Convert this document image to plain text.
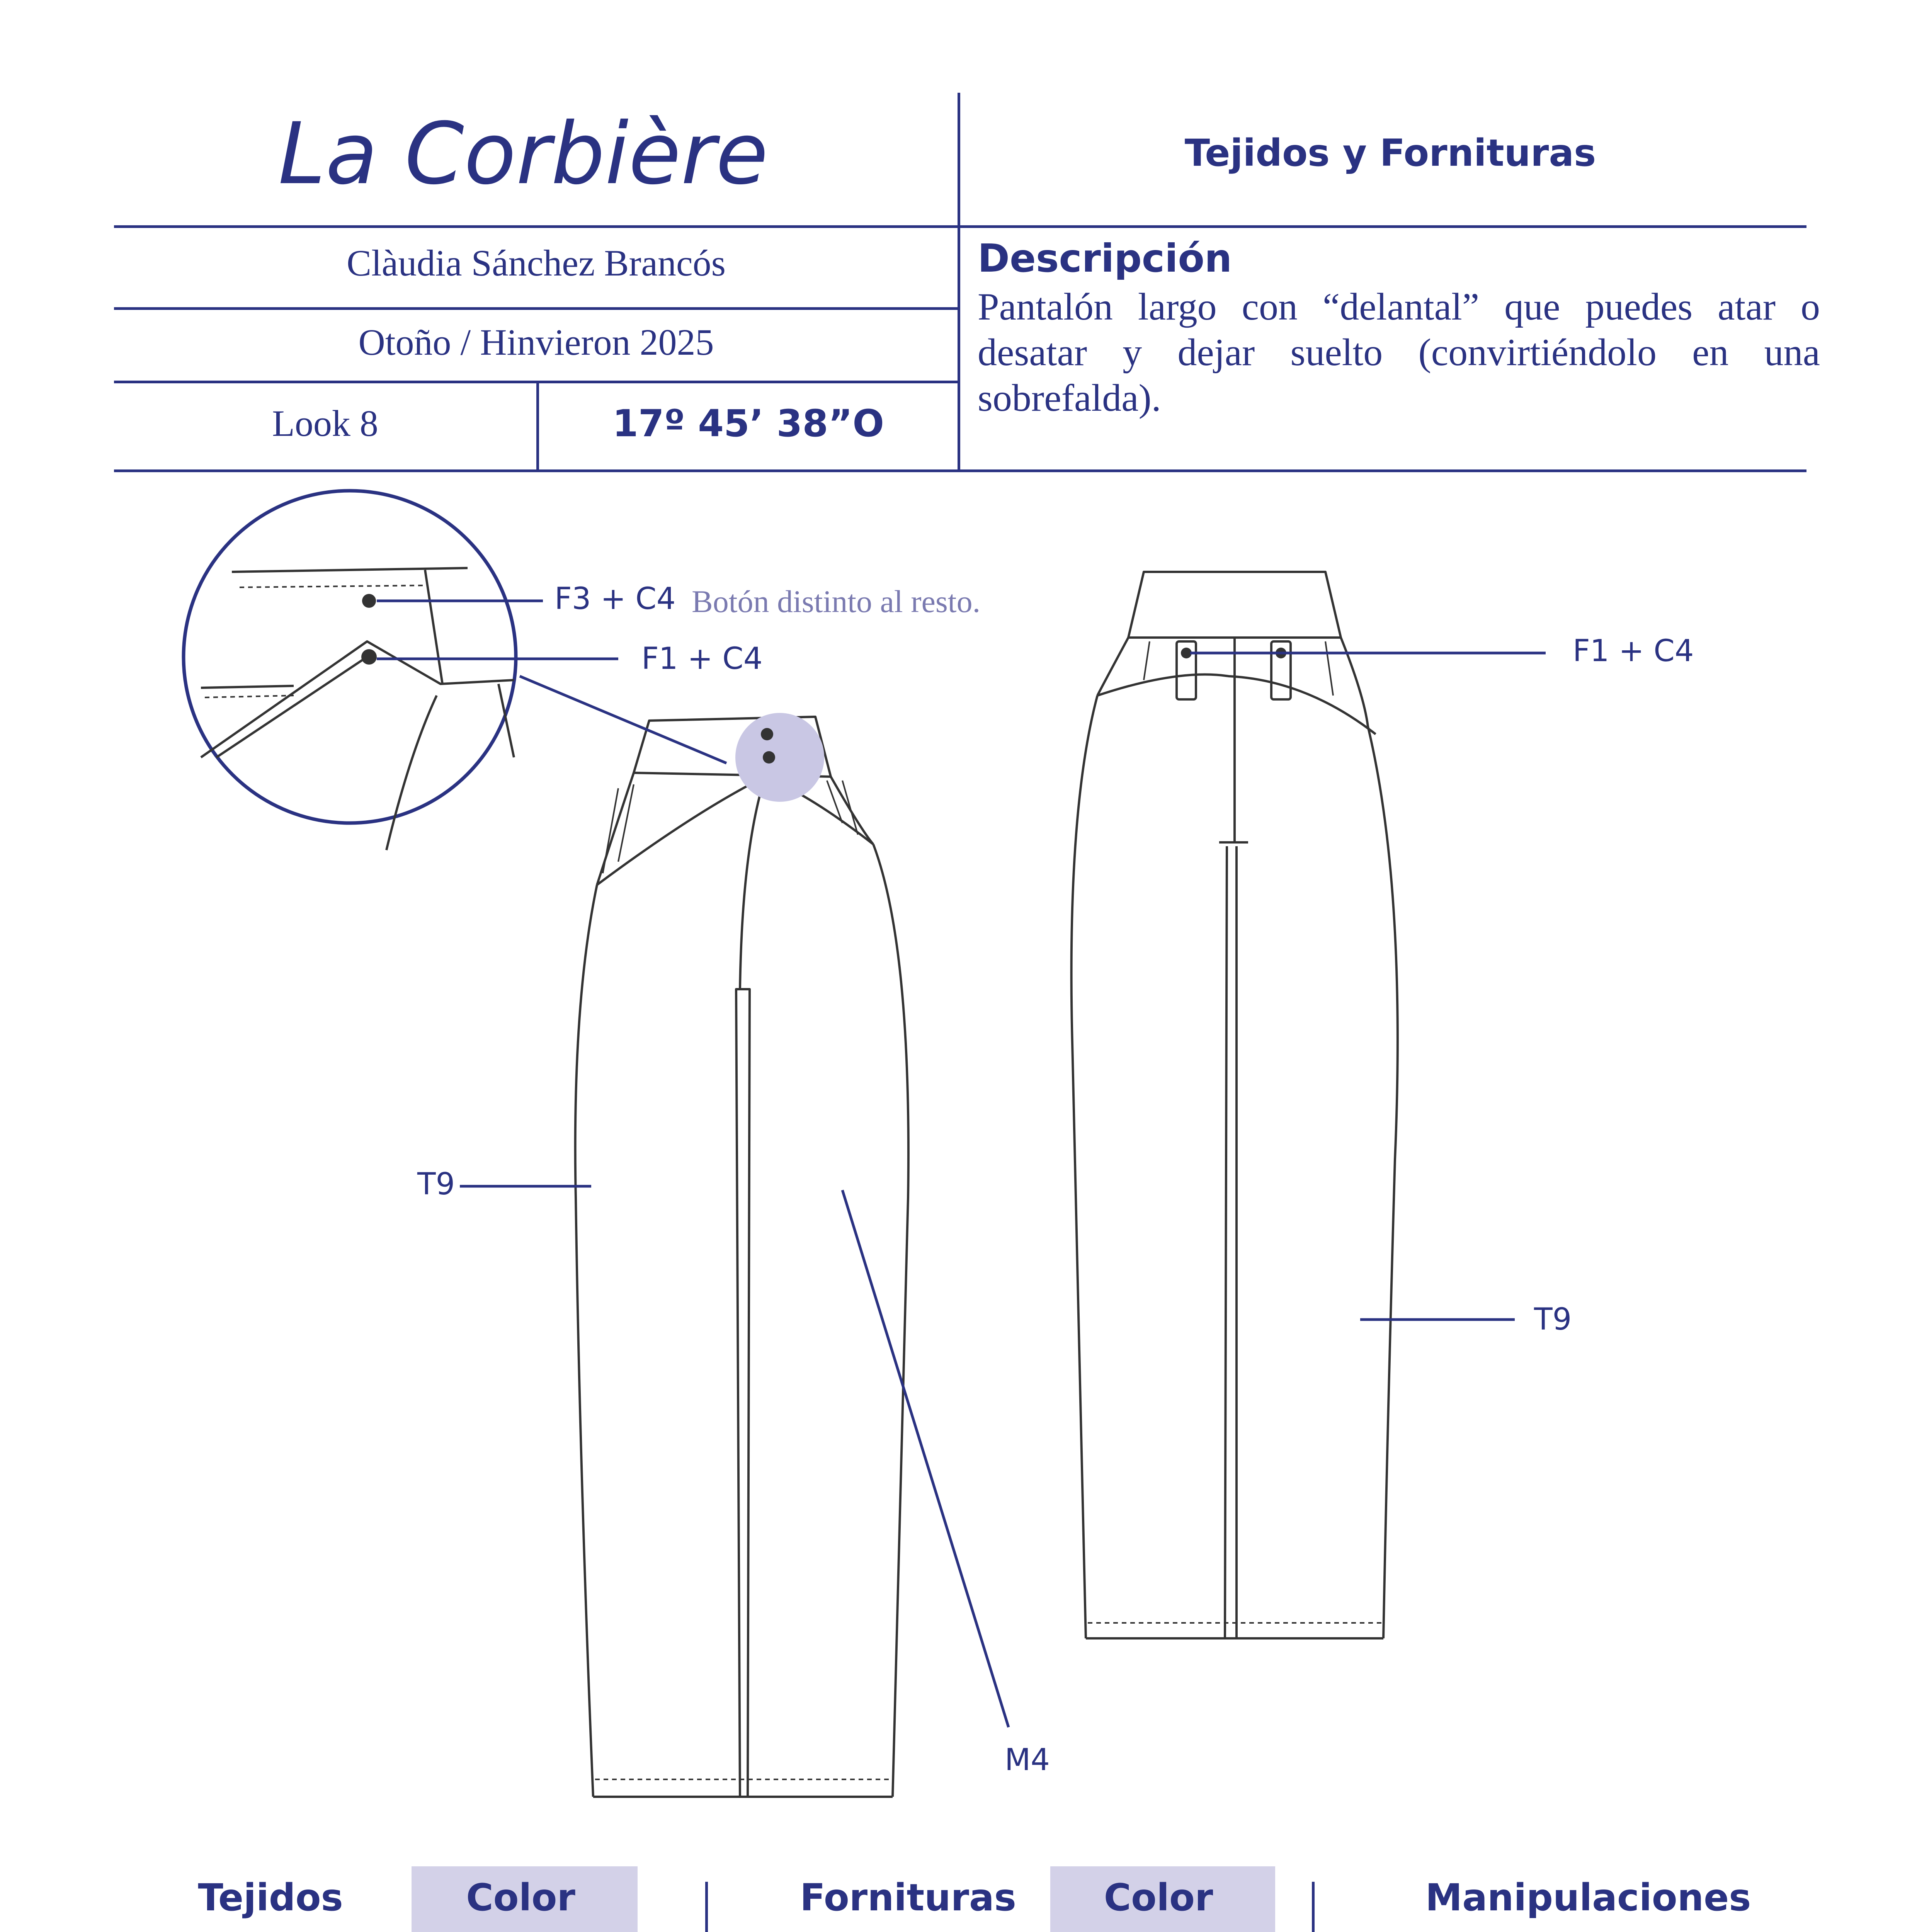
La Corbière	Tejidos y Fornituras
Clàudia Sánchez Brancós
Otoño / Hinvieron 2025
Look 8	17º 45’ 38”O
Descripción
Pantalón largo con “delantal” que puedes atar o desatar y dejar suelto (convirtiéndolo en una sobrefalda).
F3 + C4 Botón distinto al resto.
F1 + C4	F1 + C4
T9
T9
M4
Tejidos	Color	Fornituras	Color	Manipulaciones
